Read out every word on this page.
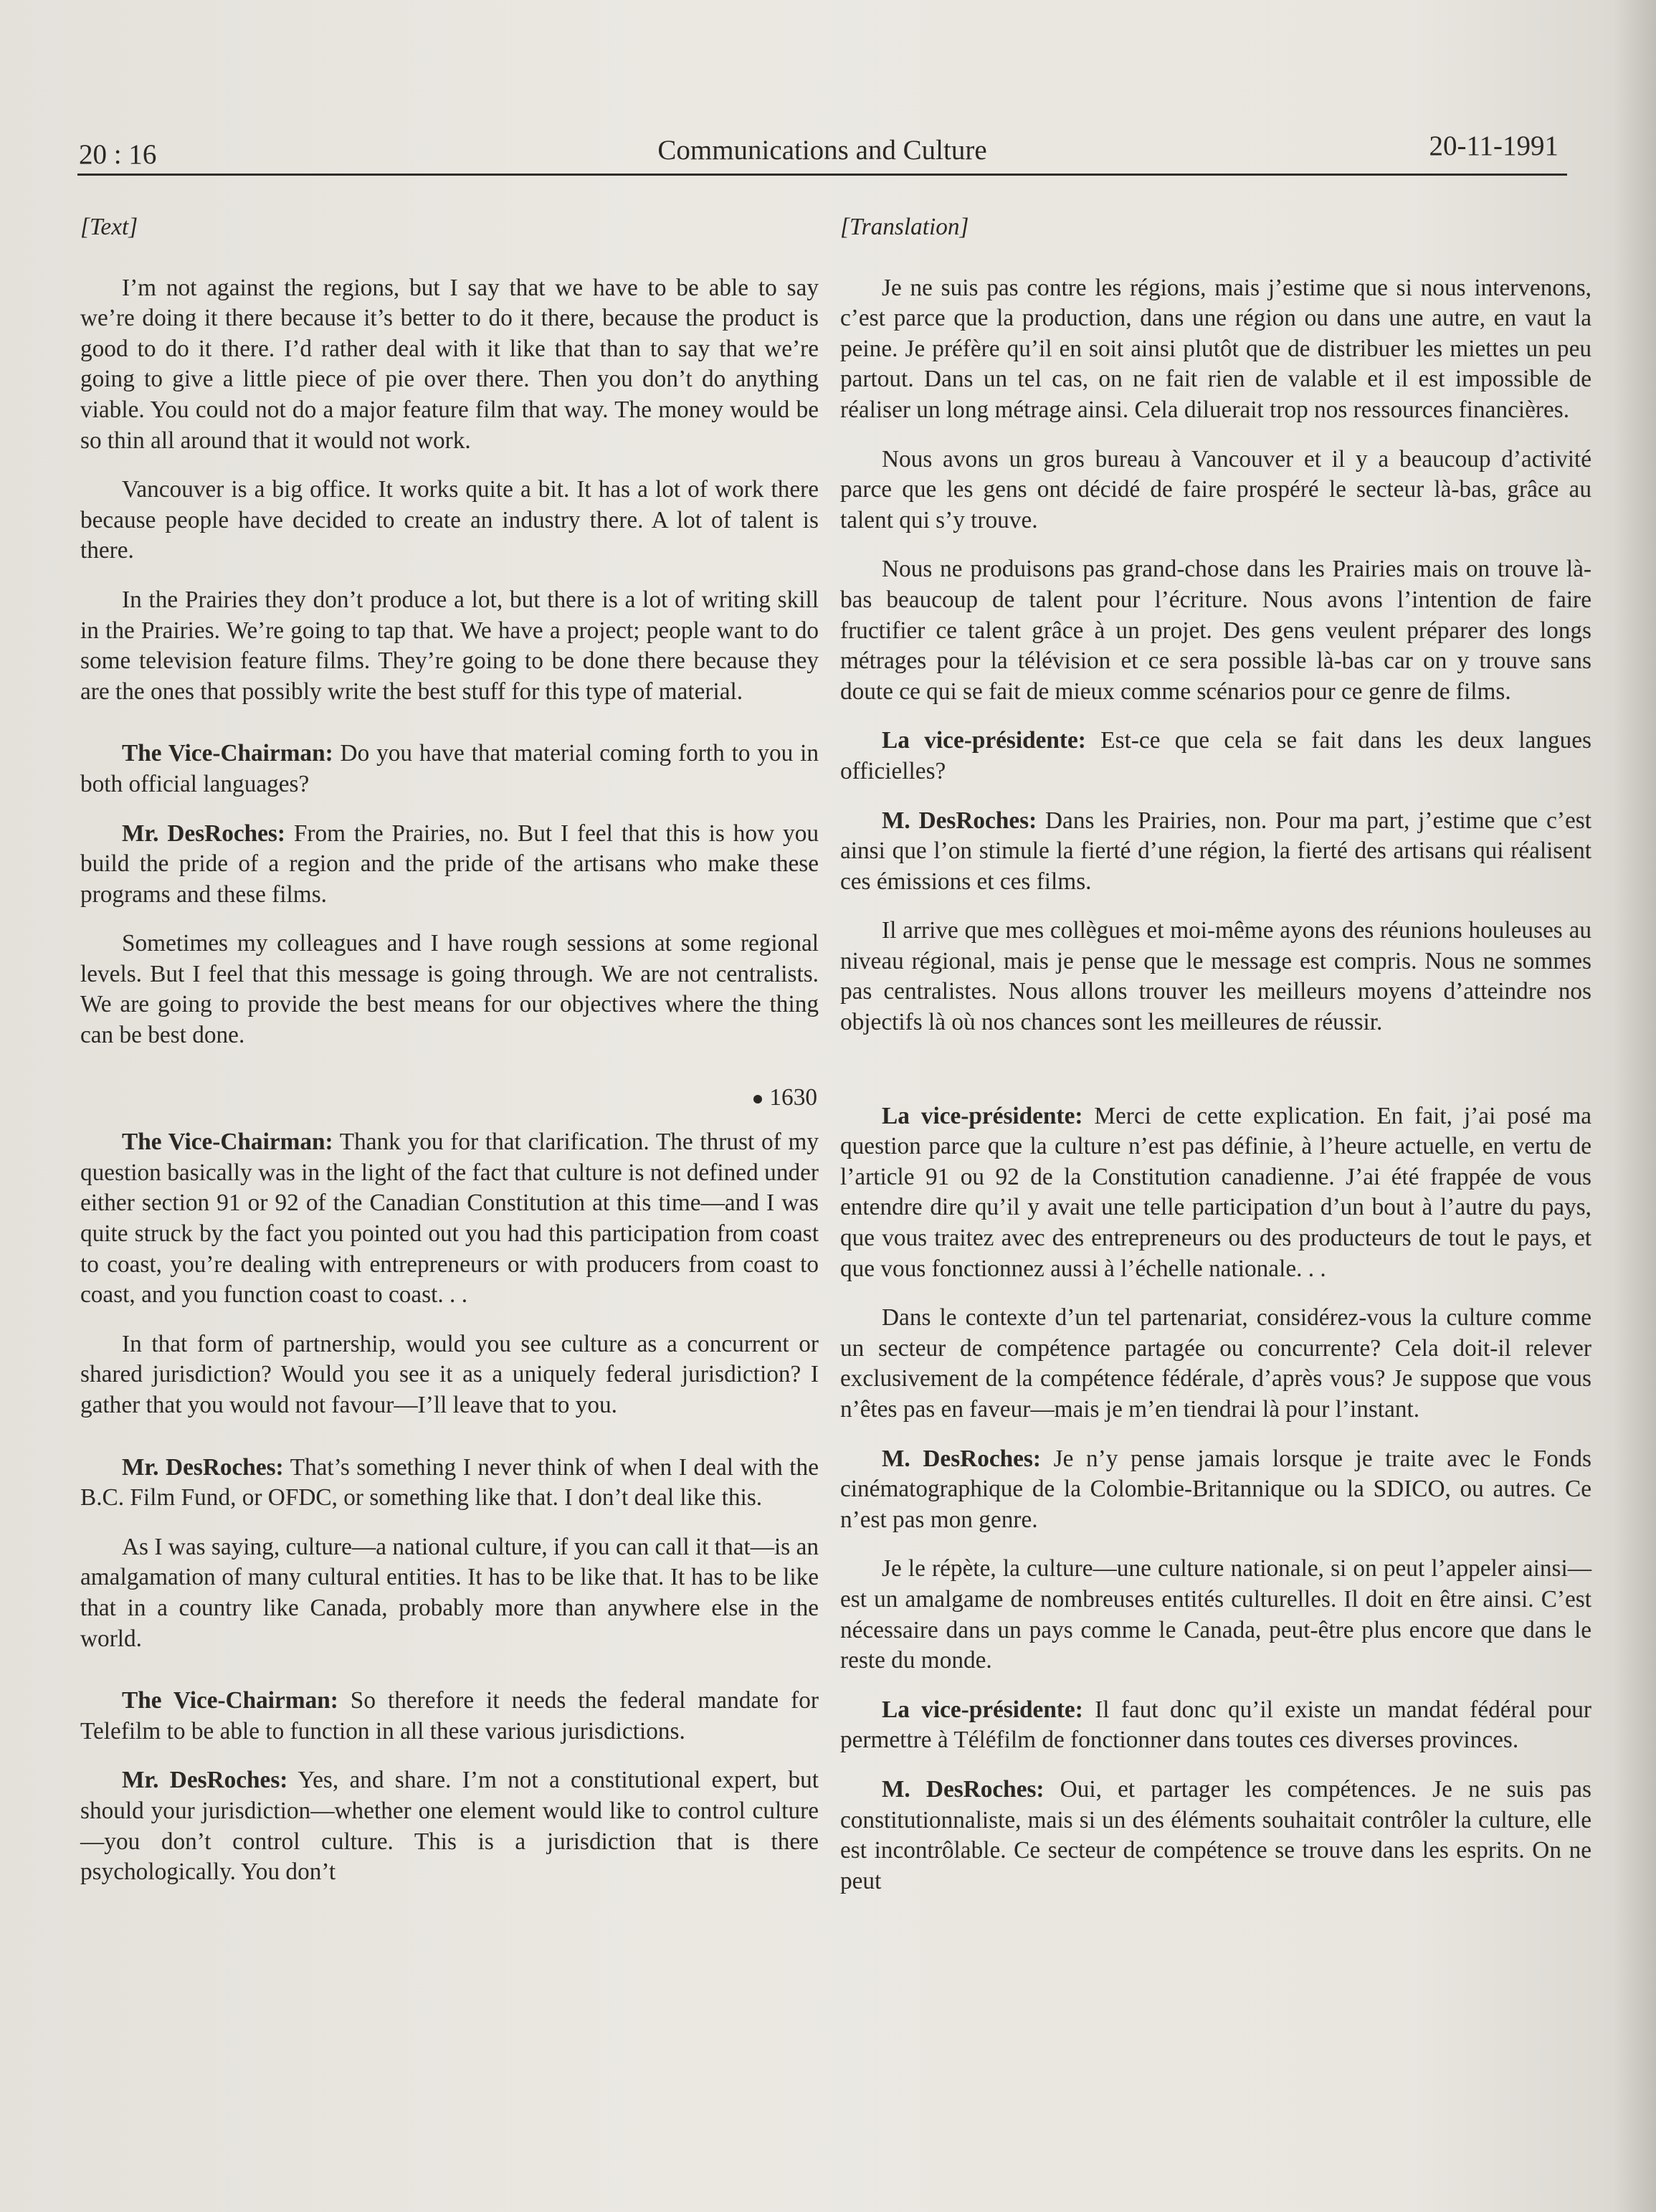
20 : 16	Communications and Culture	20-11-1991

[Text]

I’m not against the regions, but I say that we have to be able to say we’re doing it there because it’s better to do it there, because the product is good to do it there. I’d rather deal with it like that than to say that we’re going to give a little piece of pie over there. Then you don’t do anything viable. You could not do a major feature film that way. The money would be so thin all around that it would not work.

Vancouver is a big office. It works quite a bit. It has a lot of work there because people have decided to create an industry there. A lot of talent is there.

In the Prairies they don’t produce a lot, but there is a lot of writing skill in the Prairies. We’re going to tap that. We have a project; people want to do some television feature films. They’re going to be done there because they are the ones that possibly write the best stuff for this type of material.

The Vice-Chairman: Do you have that material coming forth to you in both official languages?

Mr. DesRoches: From the Prairies, no. But I feel that this is how you build the pride of a region and the pride of the artisans who make these programs and these films.

Sometimes my colleagues and I have rough sessions at some regional levels. But I feel that this message is going through. We are not centralists. We are going to provide the best means for our objectives where the thing can be best done.

1630

The Vice-Chairman: Thank you for that clarification. The thrust of my question basically was in the light of the fact that culture is not defined under either section 91 or 92 of the Canadian Constitution at this time—and I was quite struck by the fact you pointed out you had this participation from coast to coast, you’re dealing with entrepreneurs or with producers from coast to coast, and you function coast to coast. . .

In that form of partnership, would you see culture as a concurrent or shared jurisdiction? Would you see it as a uniquely federal jurisdiction? I gather that you would not favour—I’ll leave that to you.

Mr. DesRoches: That’s something I never think of when I deal with the B.C. Film Fund, or OFDC, or something like that. I don’t deal like this.

As I was saying, culture—a national culture, if you can call it that—is an amalgamation of many cultural entities. It has to be like that. It has to be like that in a country like Canada, probably more than anywhere else in the world.

The Vice-Chairman: So therefore it needs the federal mandate for Telefilm to be able to function in all these various jurisdictions.

Mr. DesRoches: Yes, and share. I’m not a constitutional expert, but should your jurisdiction—whether one element would like to control culture—you don’t control culture. This is a jurisdiction that is there psychologically. You don’t

[Translation]

Je ne suis pas contre les régions, mais j’estime que si nous intervenons, c’est parce que la production, dans une région ou dans une autre, en vaut la peine. Je préfère qu’il en soit ainsi plutôt que de distribuer les miettes un peu partout. Dans un tel cas, on ne fait rien de valable et il est impossible de réaliser un long métrage ainsi. Cela diluerait trop nos ressources financières.

Nous avons un gros bureau à Vancouver et il y a beaucoup d’activité parce que les gens ont décidé de faire prospéré le secteur là-bas, grâce au talent qui s’y trouve.

Nous ne produisons pas grand-chose dans les Prairies mais on trouve là-bas beaucoup de talent pour l’écriture. Nous avons l’intention de faire fructifier ce talent grâce à un projet. Des gens veulent préparer des longs métrages pour la télévision et ce sera possible là-bas car on y trouve sans doute ce qui se fait de mieux comme scénarios pour ce genre de films.

La vice-présidente: Est-ce que cela se fait dans les deux langues officielles?

M. DesRoches: Dans les Prairies, non. Pour ma part, j’estime que c’est ainsi que l’on stimule la fierté d’une région, la fierté des artisans qui réalisent ces émissions et ces films.

Il arrive que mes collègues et moi-même ayons des réunions houleuses au niveau régional, mais je pense que le message est compris. Nous ne sommes pas centralistes. Nous allons trouver les meilleurs moyens d’atteindre nos objectifs là où nos chances sont les meilleures de réussir.

La vice-présidente: Merci de cette explication. En fait, j’ai posé ma question parce que la culture n’est pas définie, à l’heure actuelle, en vertu de l’article 91 ou 92 de la Constitution canadienne. J’ai été frappée de vous entendre dire qu’il y avait une telle participation d’un bout à l’autre du pays, que vous traitez avec des entrepreneurs ou des producteurs de tout le pays, et que vous fonctionnez aussi à l’échelle nationale. . .

Dans le contexte d’un tel partenariat, considérez-vous la culture comme un secteur de compétence partagée ou concurrente? Cela doit-il relever exclusivement de la compétence fédérale, d’après vous? Je suppose que vous n’êtes pas en faveur—mais je m’en tiendrai là pour l’instant.

M. DesRoches: Je n’y pense jamais lorsque je traite avec le Fonds cinématographique de la Colombie-Britannique ou la SDICO, ou autres. Ce n’est pas mon genre.

Je le répète, la culture—une culture nationale, si on peut l’appeler ainsi—est un amalgame de nombreuses entités culturelles. Il doit en être ainsi. C’est nécessaire dans un pays comme le Canada, peut-être plus encore que dans le reste du monde.

La vice-présidente: Il faut donc qu’il existe un mandat fédéral pour permettre à Téléfilm de fonctionner dans toutes ces diverses provinces.

M. DesRoches: Oui, et partager les compétences. Je ne suis pas constitutionnaliste, mais si un des éléments souhaitait contrôler la culture, elle est incontrôlable. Ce secteur de compétence se trouve dans les esprits. On ne peut
